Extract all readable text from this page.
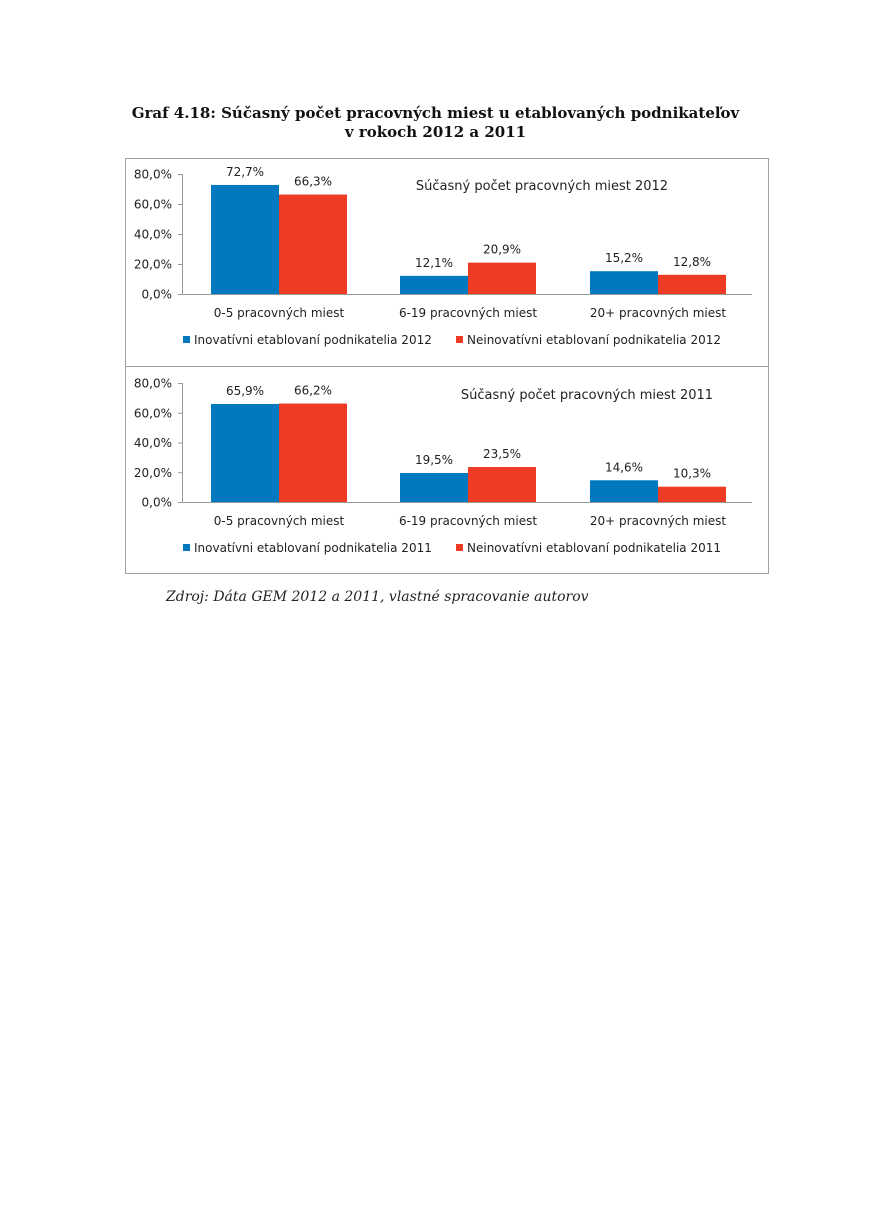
Graf 4.18: Súčasný počet pracovných miest u etablovaných podnikateľov
v rokoch 2012 a 2011
0,0%
20,0%
40,0%
60,0%
80,0%
Súčasný počet pracovných miest 2012
72,7%
12,1%	15,2%
66,3%
20,9%
12,8%
0-5 pracovných miest	6-19 pracovných miest	20+ pracovných miest
Inovatívni etablovaní podnikatelia 2012	Neinovatívni etablovaní podnikatelia 2012
0,0%
20,0%
40,0%
60,0%
80,0%
Súčasný počet pracovných miest 2011
65,9%
19,5%
14,6%
66,2%
23,5%
10,3%
0-5 pracovných miest	6-19 pracovných miest	20+ pracovných miest
Inovatívni etablovaní podnikatelia 2011	Neinovatívni etablovaní podnikatelia 2011
Zdroj: Dáta GEM 2012 a 2011, vlastné spracovanie autorov
